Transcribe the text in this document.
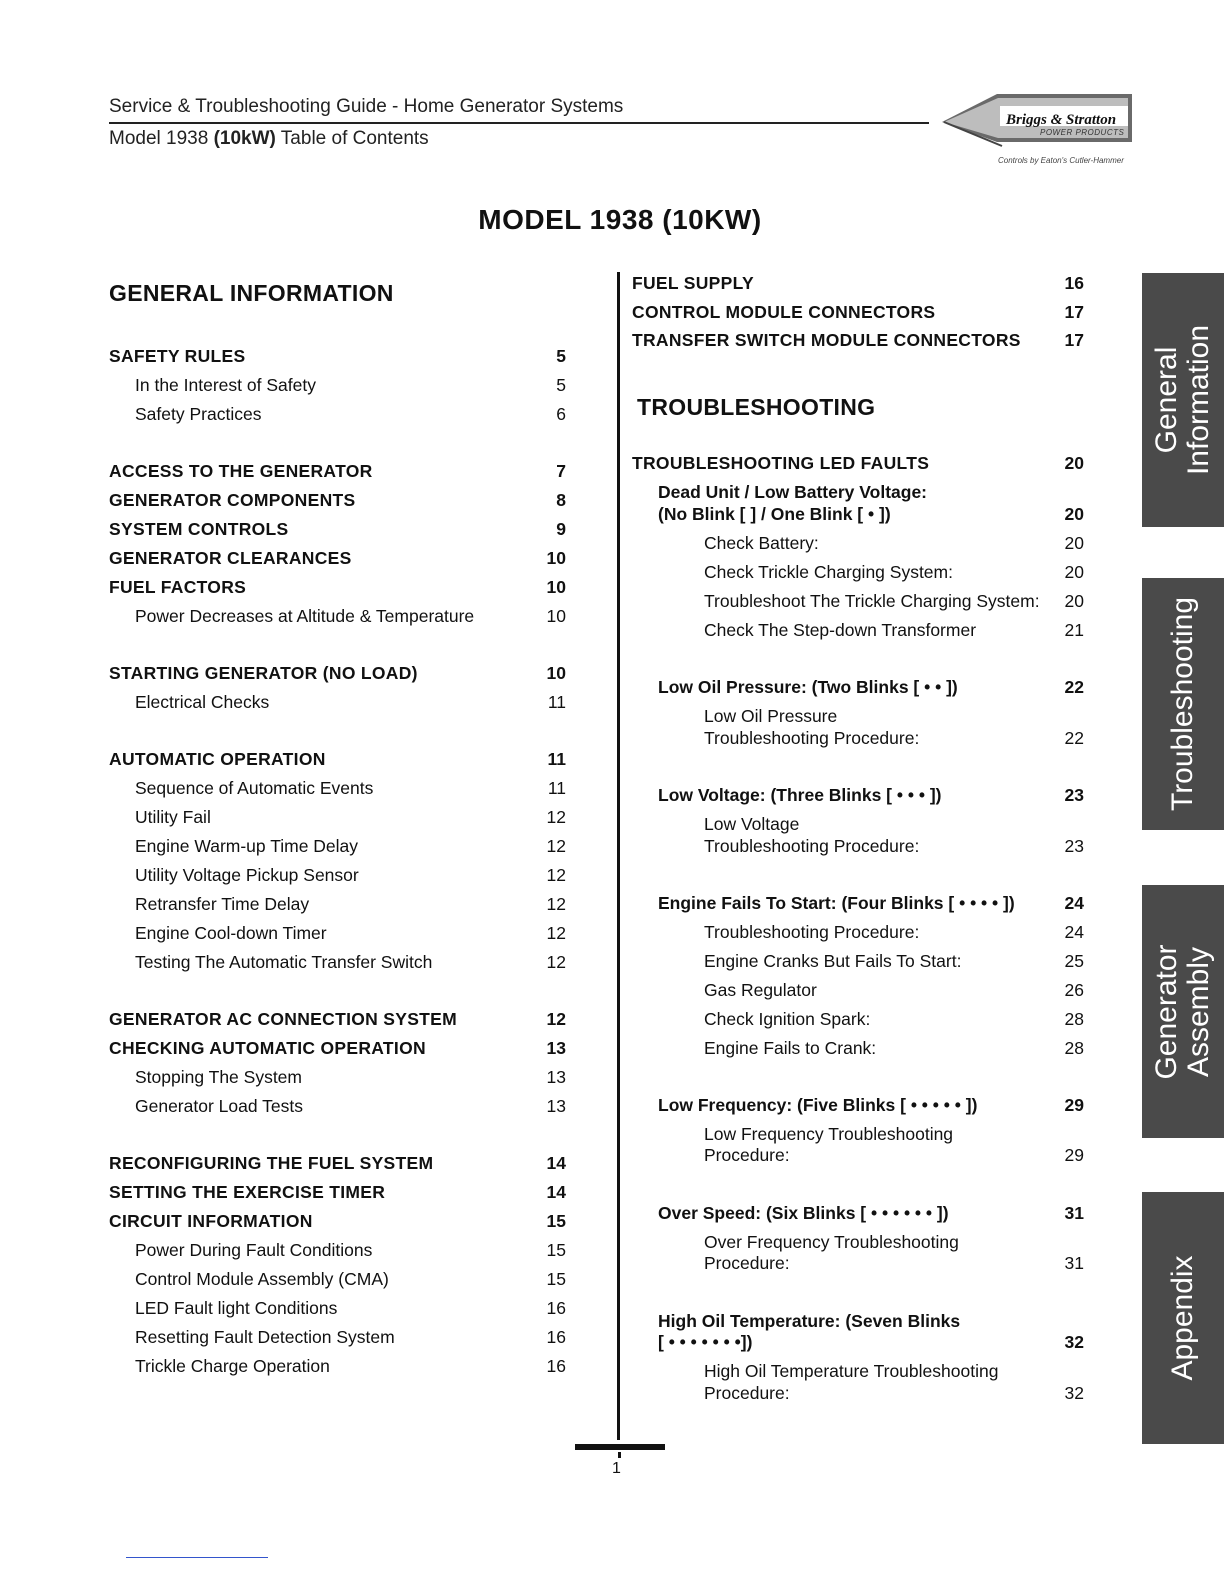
Service & Troubleshooting Guide - Home Generator Systems
Model 1938 (10kW) Table of Contents
Briggs & Stratton
POWER PRODUCTS
Controls by Eaton's Cutler-Hammer
MODEL 1938 (10KW)
GENERAL INFORMATION
SAFETY RULES	5
In the Interest of Safety	5
Safety Practices	6
ACCESS TO THE GENERATOR	7
GENERATOR COMPONENTS	8
SYSTEM CONTROLS	9
GENERATOR CLEARANCES	10
FUEL FACTORS	10
Power Decreases at Altitude & Temperature	10
STARTING GENERATOR (NO LOAD)	10
Electrical Checks	11
AUTOMATIC OPERATION	11
Sequence of Automatic Events	11
Utility Fail	12
Engine Warm-up Time Delay	12
Utility Voltage Pickup Sensor	12
Retransfer Time Delay	12
Engine Cool-down Timer	12
Testing The Automatic Transfer Switch	12
GENERATOR AC CONNECTION SYSTEM	12
CHECKING AUTOMATIC OPERATION	13
Stopping The System	13
Generator Load Tests	13
RECONFIGURING THE FUEL SYSTEM	14
SETTING THE EXERCISE TIMER	14
CIRCUIT INFORMATION	15
Power During Fault Conditions	15
Control Module Assembly (CMA)	15
LED Fault light Conditions	16
Resetting Fault Detection System	16
Trickle Charge Operation	16
FUEL SUPPLY	16
CONTROL MODULE CONNECTORS	17
TRANSFER SWITCH MODULE CONNECTORS	17
TROUBLESHOOTING
TROUBLESHOOTING LED FAULTS	20
Dead Unit / Low Battery Voltage:
(No Blink [ ] / One Blink [ • ])	20
Check Battery:	20
Check Trickle Charging System:	20
Troubleshoot The Trickle Charging System:	20
Check The Step-down Transformer	21
Low Oil Pressure: (Two Blinks [ • • ])	22
Low Oil Pressure
Troubleshooting Procedure:	22
Low Voltage: (Three Blinks [ • • • ])	23
Low Voltage
Troubleshooting Procedure:	23
Engine Fails To Start: (Four Blinks [ • • • • ])	24
Troubleshooting Procedure:	24
Engine Cranks But Fails To Start:	25
Gas Regulator	26
Check Ignition Spark:	28
Engine Fails to Crank:	28
Low Frequency: (Five Blinks [ • • • • • ])	29
Low Frequency Troubleshooting
Procedure:	29
Over Speed: (Six Blinks [ • • • • • • ])	31
Over Frequency Troubleshooting
Procedure:	31
High Oil Temperature: (Seven Blinks
[ • • • • • • •])	32
High Oil Temperature Troubleshooting
Procedure:	32
General
Information
Troubleshooting
Generator
Assembly
Appendix
1
